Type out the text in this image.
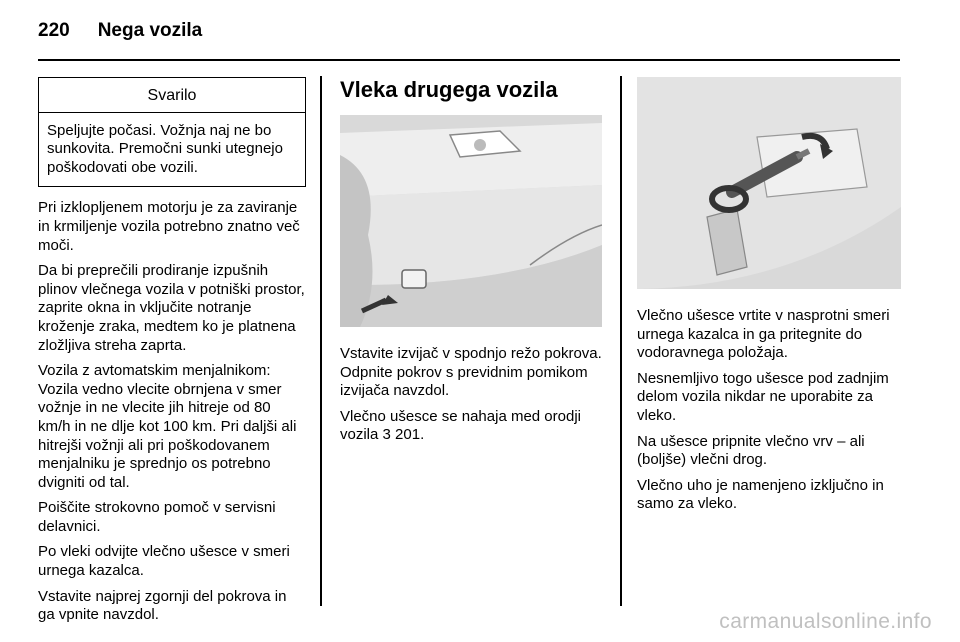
220 Nega vozila
Svarilo
Speljujte počasi. Vožnja naj ne bo sunkovita. Premočni sunki utegnejo poškodovati obe vozili.

Pri izklopljenem motorju je za zaviranje in krmiljenje vozila potrebno znatno več moči.

Da bi preprečili prodiranje izpušnih plinov vlečnega vozila v potniški prostor, zaprite okna in vključite notranje kroženje zraka, medtem ko je platnena zložljiva streha zaprta.

Vozila z avtomatskim menjalnikom: Vozila vedno vlecite obrnjena v smer vožnje in ne vlecite jih hitreje od 80 km/h in ne dlje kot 100 km. Pri daljši ali hitrejši vožnji ali pri poškodovanem menjalniku je sprednjo os potrebno dvigniti od tal.

Poiščite strokovno pomoč v servisni delavnici.

Po vleki odvijte vlečno ušesce v smeri urnega kazalca.

Vstavite najprej zgornji del pokrova in ga vpnite navzdol.

Vleka drugega vozila

Vstavite izvijač v spodnjo režo pokrova. Odpnite pokrov s previdnim pomikom izvijača navzdol.

Vlečno ušesce se nahaja med orodji vozila 3 201.

Vlečno ušesce vrtite v nasprotni smeri urnega kazalca in ga pritegnite do vodoravnega položaja.

Nesnemljivo togo ušesce pod zadnjim delom vozila nikdar ne uporabite za vleko.

Na ušesce pripnite vlečno vrv – ali (boljše) vlečni drog.

Vlečno uho je namenjeno izključno in samo za vleko.

carmanualsonline.info
